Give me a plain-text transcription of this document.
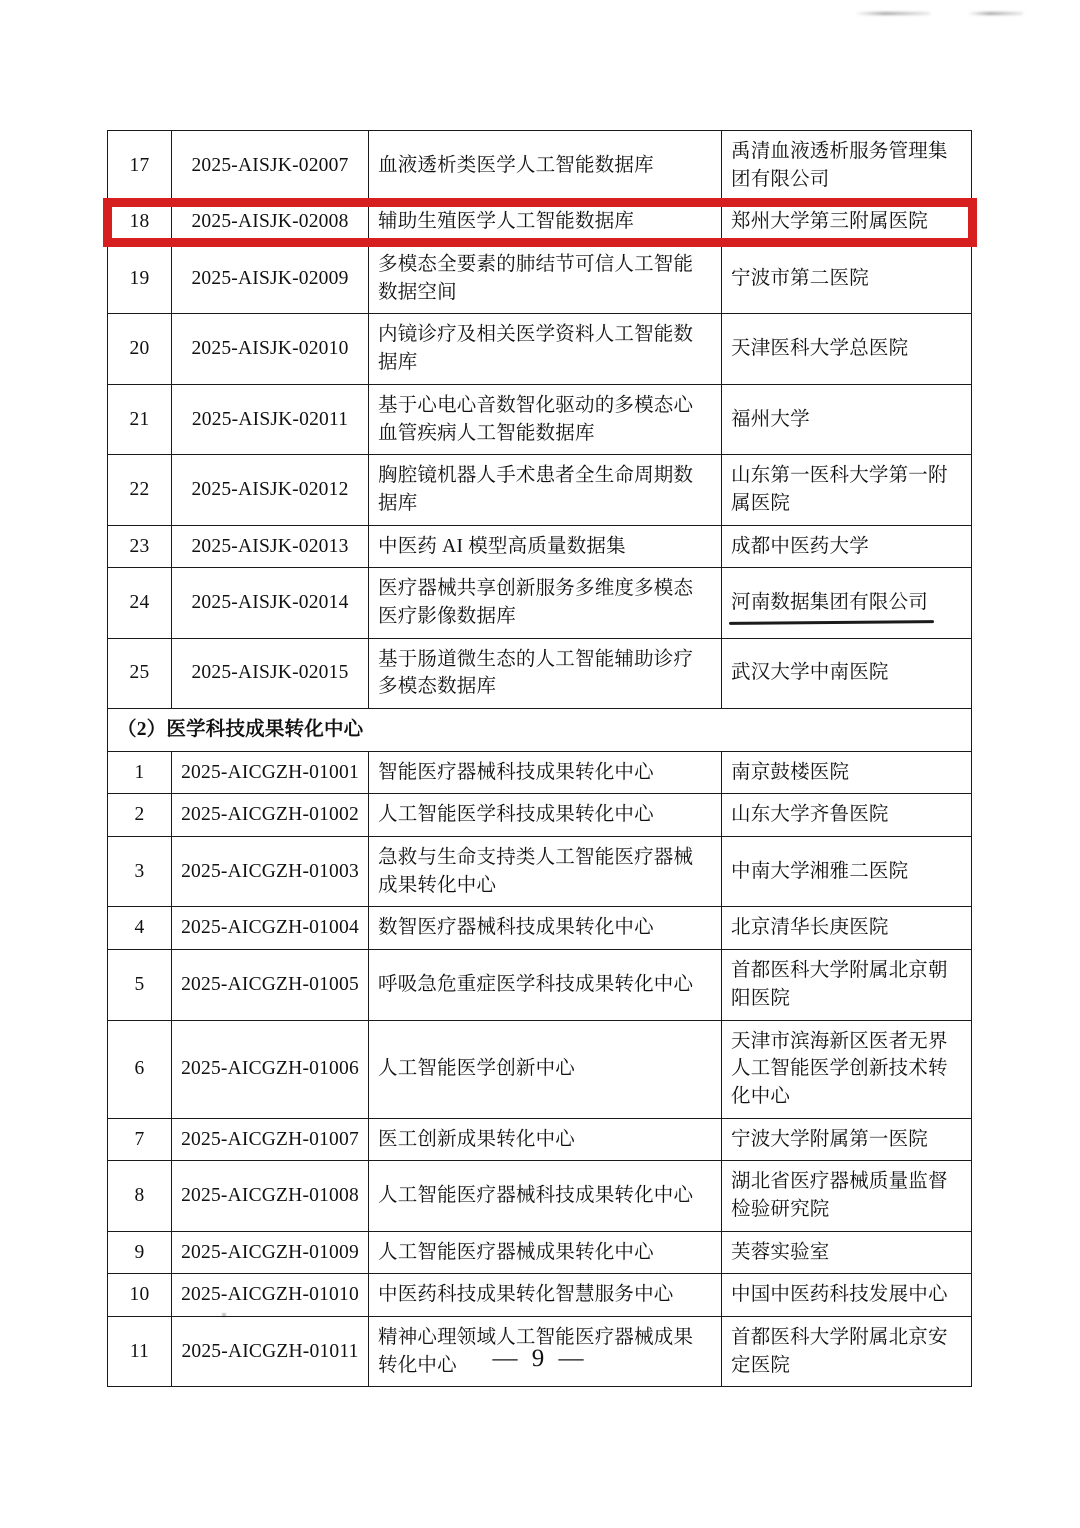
17	2025-AISJK-02007	血液透析类医学人工智能数据库	禹清血液透析服务管理集团有限公司
18	2025-AISJK-02008	辅助生殖医学人工智能数据库	郑州大学第三附属医院
19	2025-AISJK-02009	多模态全要素的肺结节可信人工智能数据空间	宁波市第二医院
20	2025-AISJK-02010	内镜诊疗及相关医学资料人工智能数据库	天津医科大学总医院
21	2025-AISJK-02011	基于心电心音数智化驱动的多模态心血管疾病人工智能数据库	福州大学
22	2025-AISJK-02012	胸腔镜机器人手术患者全生命周期数据库	山东第一医科大学第一附属医院
23	2025-AISJK-02013	中医药 AI 模型高质量数据集	成都中医药大学
24	2025-AISJK-02014	医疗器械共享创新服务多维度多模态医疗影像数据库	河南数据集团有限公司
25	2025-AISJK-02015	基于肠道微生态的人工智能辅助诊疗多模态数据库	武汉大学中南医院
（2）医学科技成果转化中心			
1	2025-AICGZH-01001	智能医疗器械科技成果转化中心	南京鼓楼医院
2	2025-AICGZH-01002	人工智能医学科技成果转化中心	山东大学齐鲁医院
3	2025-AICGZH-01003	急救与生命支持类人工智能医疗器械成果转化中心	中南大学湘雅二医院
4	2025-AICGZH-01004	数智医疗器械科技成果转化中心	北京清华长庚医院
5	2025-AICGZH-01005	呼吸急危重症医学科技成果转化中心	首都医科大学附属北京朝阳医院
6	2025-AICGZH-01006	人工智能医学创新中心	天津市滨海新区医者无界人工智能医学创新技术转化中心
7	2025-AICGZH-01007	医工创新成果转化中心	宁波大学附属第一医院
8	2025-AICGZH-01008	人工智能医疗器械科技成果转化中心	湖北省医疗器械质量监督检验研究院
9	2025-AICGZH-01009	人工智能医疗器械成果转化中心	芙蓉实验室
10	2025-AICGZH-01010	中医药科技成果转化智慧服务中心	中国中医药科技发展中心
11	2025-AICGZH-01011	精神心理领域人工智能医疗器械成果转化中心	首都医科大学附属北京安定医院
— 9 —
